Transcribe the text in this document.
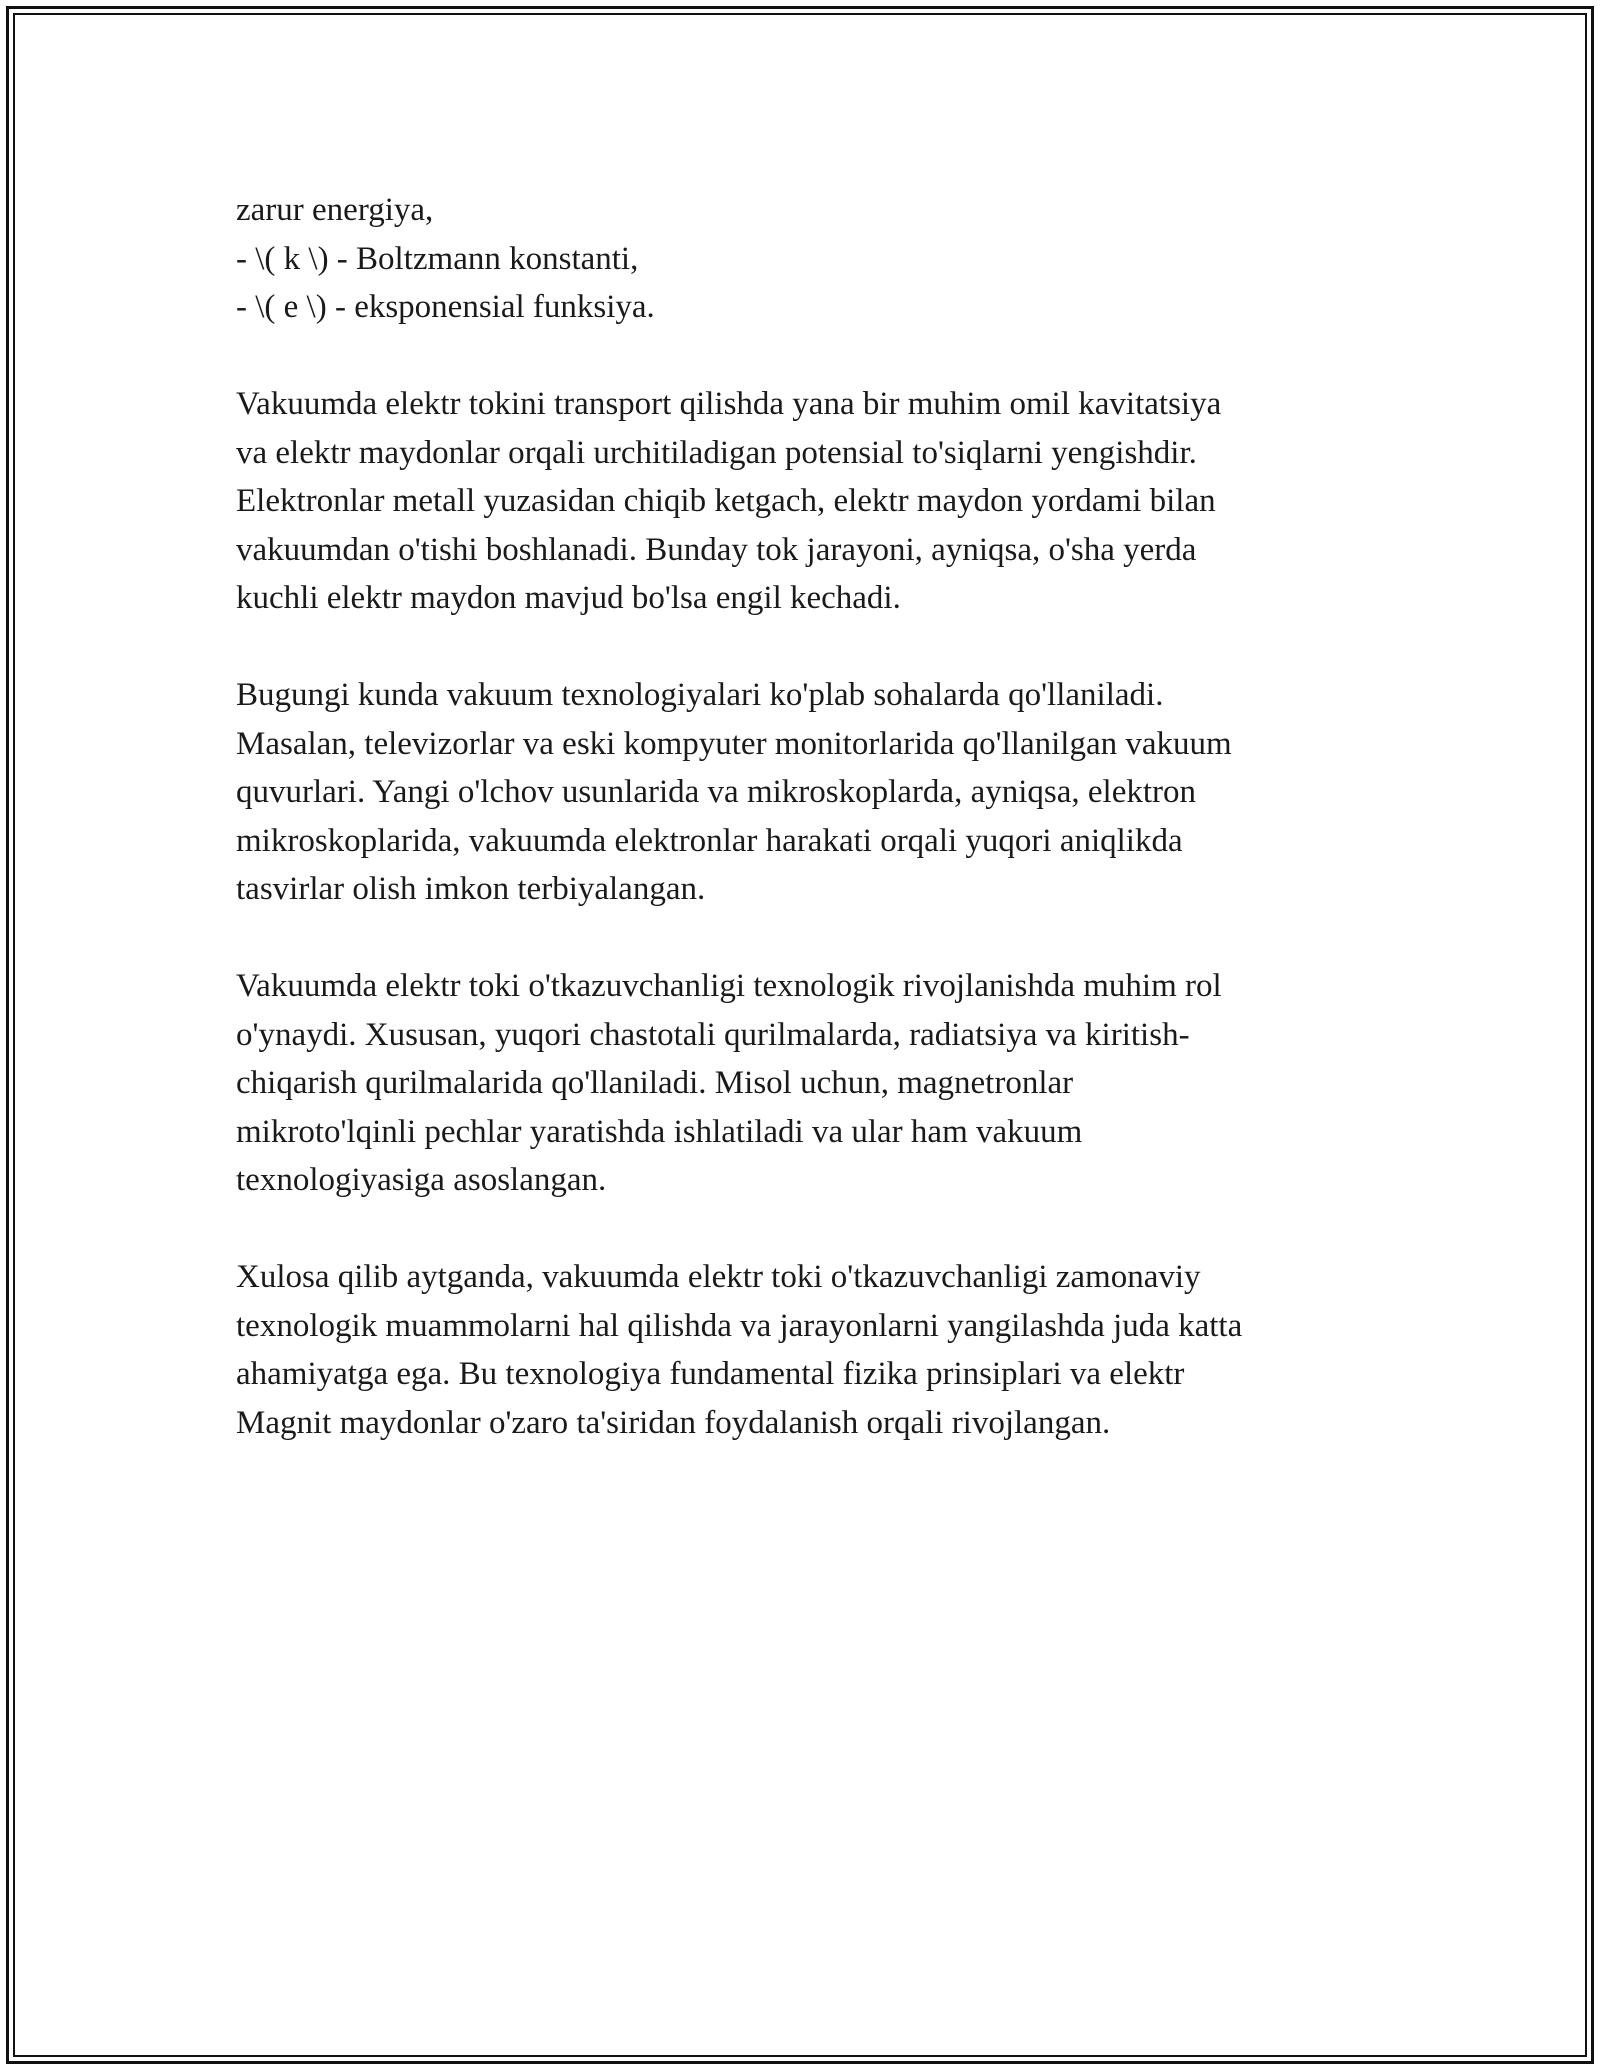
zarur energiya,
- \( k \) - Boltzmann konstanti,
- \( e \) - eksponensial funksiya.
Vakuumda elektr tokini transport qilishda yana bir muhim omil kavitatsiya
va elektr maydonlar orqali urchitiladigan potensial to'siqlarni yengishdir.
Elektronlar metall yuzasidan chiqib ketgach, elektr maydon yordami bilan
vakuumdan o'tishi boshlanadi. Bunday tok jarayoni, ayniqsa, o'sha yerda
kuchli elektr maydon mavjud bo'lsa engil kechadi.
Bugungi kunda vakuum texnologiyalari ko'plab sohalarda qo'llaniladi.
Masalan, televizorlar va eski kompyuter monitorlarida qo'llanilgan vakuum
quvurlari. Yangi o'lchov usunlarida va mikroskoplarda, ayniqsa, elektron
mikroskoplarida, vakuumda elektronlar harakati orqali yuqori aniqlikda
tasvirlar olish imkon terbiyalangan.
Vakuumda elektr toki o'tkazuvchanligi texnologik rivojlanishda muhim rol
o'ynaydi. Xususan, yuqori chastotali qurilmalarda, radiatsiya va kiritish-
chiqarish qurilmalarida qo'llaniladi. Misol uchun, magnetronlar
mikroto'lqinli pechlar yaratishda ishlatiladi va ular ham vakuum
texnologiyasiga asoslangan.
Xulosa qilib aytganda, vakuumda elektr toki o'tkazuvchanligi zamonaviy
texnologik muammolarni hal qilishda va jarayonlarni yangilashda juda katta
ahamiyatga ega. Bu texnologiya fundamental fizika prinsiplari va elektr
Magnit maydonlar o'zaro ta'siridan foydalanish orqali rivojlangan.
